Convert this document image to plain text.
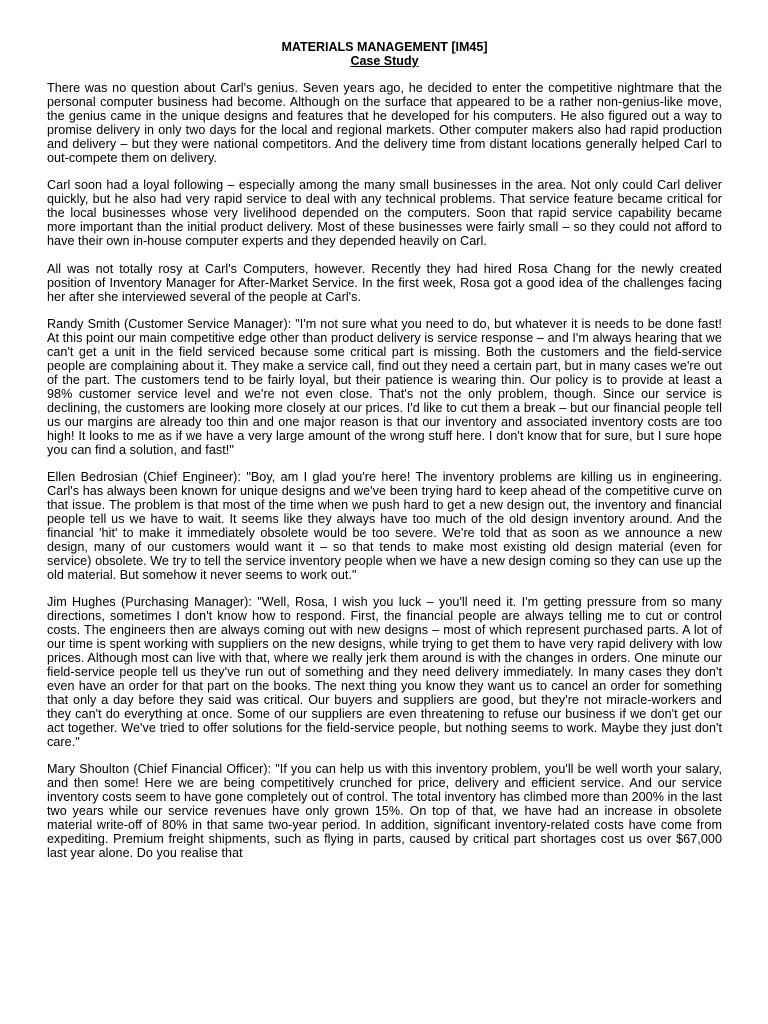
MATERIALS MANAGEMENT [IM45]
Case Study

There was no question about Carl's genius. Seven years ago, he decided to enter the competitive nightmare that the personal computer business had become. Although on the surface that appeared to be a rather non-genius-like move, the genius came in the unique designs and features that he developed for his computers. He also figured out a way to promise delivery in only two days for the local and regional markets. Other computer makers also had rapid production and delivery – but they were national competitors. And the delivery time from distant locations generally helped Carl to out-compete them on delivery.

Carl soon had a loyal following – especially among the many small businesses in the area. Not only could Carl deliver quickly, but he also had very rapid service to deal with any technical problems. That service feature became critical for the local businesses whose very livelihood depended on the computers. Soon that rapid service capability became more important than the initial product delivery. Most of these businesses were fairly small – so they could not afford to have their own in-house computer experts and they depended heavily on Carl.

All was not totally rosy at Carl's Computers, however. Recently they had hired Rosa Chang for the newly created position of Inventory Manager for After-Market Service. In the first week, Rosa got a good idea of the challenges facing her after she interviewed several of the people at Carl's.

Randy Smith (Customer Service Manager): "I'm not sure what you need to do, but whatever it is needs to be done fast! At this point our main competitive edge other than product delivery is service response – and I'm always hearing that we can't get a unit in the field serviced because some critical part is missing. Both the customers and the field-service people are complaining about it. They make a service call, find out they need a certain part, but in many cases we're out of the part. The customers tend to be fairly loyal, but their patience is wearing thin. Our policy is to provide at least a 98% customer service level and we're not even close. That's not the only problem, though. Since our service is declining, the customers are looking more closely at our prices. I'd like to cut them a break – but our financial people tell us our margins are already too thin and one major reason is that our inventory and associated inventory costs are too high! It looks to me as if we have a very large amount of the wrong stuff here. I don't know that for sure, but I sure hope you can find a solution, and fast!"

Ellen Bedrosian (Chief Engineer): "Boy, am I glad you're here! The inventory problems are killing us in engineering. Carl's has always been known for unique designs and we've been trying hard to keep ahead of the competitive curve on that issue. The problem is that most of the time when we push hard to get a new design out, the inventory and financial people tell us we have to wait. It seems like they always have too much of the old design inventory around. And the financial 'hit' to make it immediately obsolete would be too severe. We're told that as soon as we announce a new design, many of our customers would want it – so that tends to make most existing old design material (even for service) obsolete. We try to tell the service inventory people when we have a new design coming so they can use up the old material. But somehow it never seems to work out."

Jim Hughes (Purchasing Manager): "Well, Rosa, I wish you luck – you'll need it. I'm getting pressure from so many directions, sometimes I don't know how to respond. First, the financial people are always telling me to cut or control costs. The engineers then are always coming out with new designs – most of which represent purchased parts. A lot of our time is spent working with suppliers on the new designs, while trying to get them to have very rapid delivery with low prices. Although most can live with that, where we really jerk them around is with the changes in orders. One minute our field-service people tell us they've run out of something and they need delivery immediately. In many cases they don't even have an order for that part on the books. The next thing you know they want us to cancel an order for something that only a day before they said was critical. Our buyers and suppliers are good, but they're not miracle-workers and they can't do everything at once. Some of our suppliers are even threatening to refuse our business if we don't get our act together. We've tried to offer solutions for the field-service people, but nothing seems to work. Maybe they just don't care."

Mary Shoulton (Chief Financial Officer): "If you can help us with this inventory problem, you'll be well worth your salary, and then some! Here we are being competitively crunched for price, delivery and efficient service. And our service inventory costs seem to have gone completely out of control. The total inventory has climbed more than 200% in the last two years while our service revenues have only grown 15%. On top of that, we have had an increase in obsolete material write-off of 80% in that same two-year period. In addition, significant inventory-related costs have come from expediting. Premium freight shipments, such as flying in parts, caused by critical part shortages cost us over $67,000 last year alone. Do you realise that
